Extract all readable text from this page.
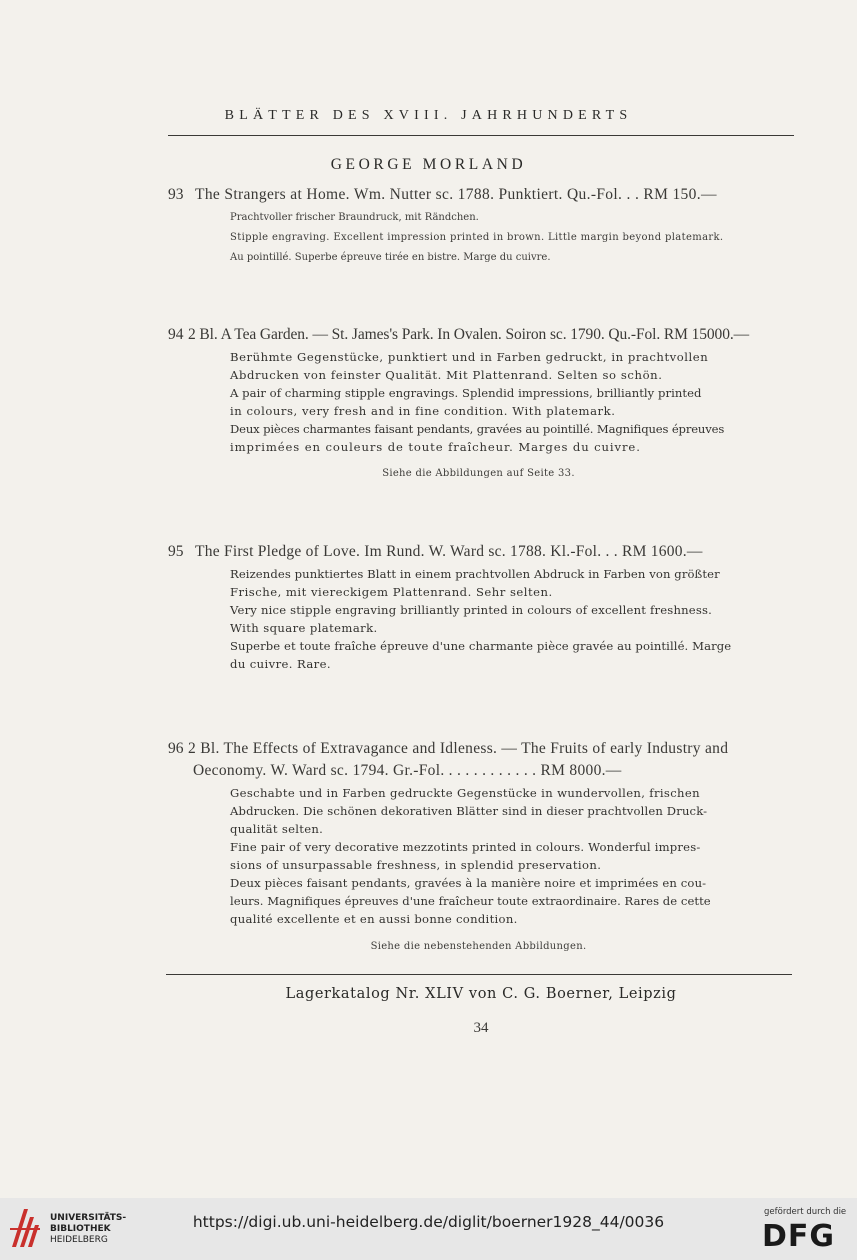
BLÄTTER DES XVIII. JAHRHUNDERTS
GEORGE MORLAND
93 The Strangers at Home. Wm. Nutter sc. 1788. Punktiert. Qu.-Fol. . . RM 150.—
Prachtvoller frischer Braundruck, mit Rändchen.
Stipple engraving. Excellent impression printed in brown. Little margin beyond platemark.
Au pointillé. Superbe épreuve tirée en bistre. Marge du cuivre.
94 2 Bl. A Tea Garden. — St. James's Park. In Ovalen. Soiron sc. 1790. Qu.-Fol. RM 15000.—
Berühmte Gegenstücke, punktiert und in Farben gedruckt, in prachtvollen
Abdrucken von feinster Qualität. Mit Plattenrand. Selten so schön.
A pair of charming stipple engravings. Splendid impressions, brilliantly printed
in colours, very fresh and in fine condition. With platemark.
Deux pièces charmantes faisant pendants, gravées au pointillé. Magnifiques épreuves
imprimées en couleurs de toute fraîcheur. Marges du cuivre.
Siehe die Abbildungen auf Seite 33.
95 The First Pledge of Love. Im Rund. W. Ward sc. 1788. Kl.-Fol. . . RM 1600.—
Reizendes punktiertes Blatt in einem prachtvollen Abdruck in Farben von größter
Frische, mit viereckigem Plattenrand. Sehr selten.
Very nice stipple engraving brilliantly printed in colours of excellent freshness.
With square platemark.
Superbe et toute fraîche épreuve d'une charmante pièce gravée au pointillé. Marge
du cuivre. Rare.
96 2 Bl. The Effects of Extravagance and Idleness. — The Fruits of early Industry and
Oeconomy. W. Ward sc. 1794. Gr.-Fol. . . . . . . . . . . . RM 8000.—
Geschabte und in Farben gedruckte Gegenstücke in wundervollen, frischen
Abdrucken. Die schönen dekorativen Blätter sind in dieser prachtvollen Druck-
qualität selten.
Fine pair of very decorative mezzotints printed in colours. Wonderful impres-
sions of unsurpassable freshness, in splendid preservation.
Deux pièces faisant pendants, gravées à la manière noire et imprimées en cou-
leurs. Magnifiques épreuves d'une fraîcheur toute extraordinaire. Rares de cette
qualité excellente et en aussi bonne condition.
Siehe die nebenstehenden Abbildungen.
Lagerkatalog Nr. XLIV von C. G. Boerner, Leipzig
34
UNIVERSITÄTS-
BIBLIOTHEK
HEIDELBERG
https://digi.ub.uni-heidelberg.de/diglit/boerner1928_44/0036
gefördert durch die
DFG
